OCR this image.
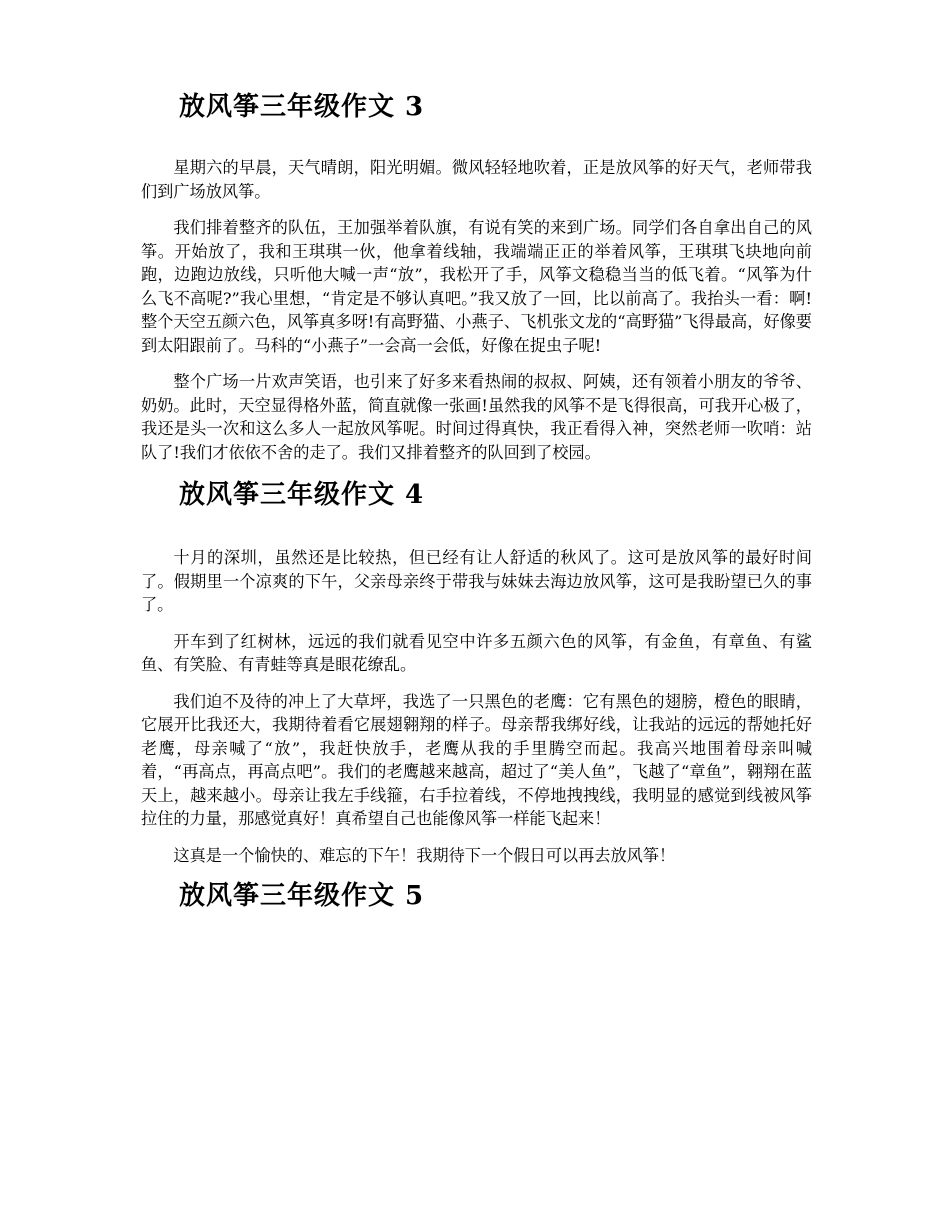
放风筝三年级作文 3

星期六的早晨，天气晴朗，阳光明媚。微风轻轻地吹着，正是放风筝的好天气，老师带我们到广场放风筝。

我们排着整齐的队伍，王加强举着队旗，有说有笑的来到广场。同学们各自拿出自己的风筝。开始放了，我和王琪琪一伙，他拿着线轴，我端端正正的举着风筝，王琪琪飞块地向前跑，边跑边放线，只听他大喊一声“放”，我松开了手，风筝文稳稳当当的低飞着。“风筝为什么飞不高呢?”我心里想，“肯定是不够认真吧。”我又放了一回，比以前高了。我抬头一看：啊!整个天空五颜六色，风筝真多呀!有高野猫、小燕子、飞机张文龙的“高野猫”飞得最高，好像要到太阳跟前了。马科的“小燕子”一会高一会低，好像在捉虫子呢!

整个广场一片欢声笑语，也引来了好多来看热闹的叔叔、阿姨，还有领着小朋友的爷爷、奶奶。此时，天空显得格外蓝，简直就像一张画!虽然我的风筝不是飞得很高，可我开心极了，我还是头一次和这么多人一起放风筝呢。时间过得真快，我正看得入神，突然老师一吹哨：站队了!我们才依依不舍的走了。我们又排着整齐的队回到了校园。

放风筝三年级作文 4

十月的深圳，虽然还是比较热，但已经有让人舒适的秋风了。这可是放风筝的最好时间了。假期里一个凉爽的下午，父亲母亲终于带我与妹妹去海边放风筝，这可是我盼望已久的事了。

开车到了红树林，远远的我们就看见空中许多五颜六色的风筝，有金鱼，有章鱼、有鲨鱼、有笑脸、有青蛙等真是眼花缭乱。

我们迫不及待的冲上了大草坪，我选了一只黑色的老鹰：它有黑色的翅膀，橙色的眼睛，它展开比我还大，我期待着看它展翅翱翔的样子。母亲帮我绑好线，让我站的远远的帮她托好老鹰，母亲喊了“放”，我赶快放手，老鹰从我的手里腾空而起。我高兴地围着母亲叫喊着，“再高点，再高点吧”。我们的老鹰越来越高，超过了“美人鱼”，飞越了“章鱼”，翱翔在蓝天上，越来越小。母亲让我左手线箍，右手拉着线，不停地拽拽线，我明显的感觉到线被风筝拉住的力量，那感觉真好！真希望自己也能像风筝一样能飞起来！

这真是一个愉快的、难忘的下午！我期待下一个假日可以再去放风筝！

放风筝三年级作文 5
